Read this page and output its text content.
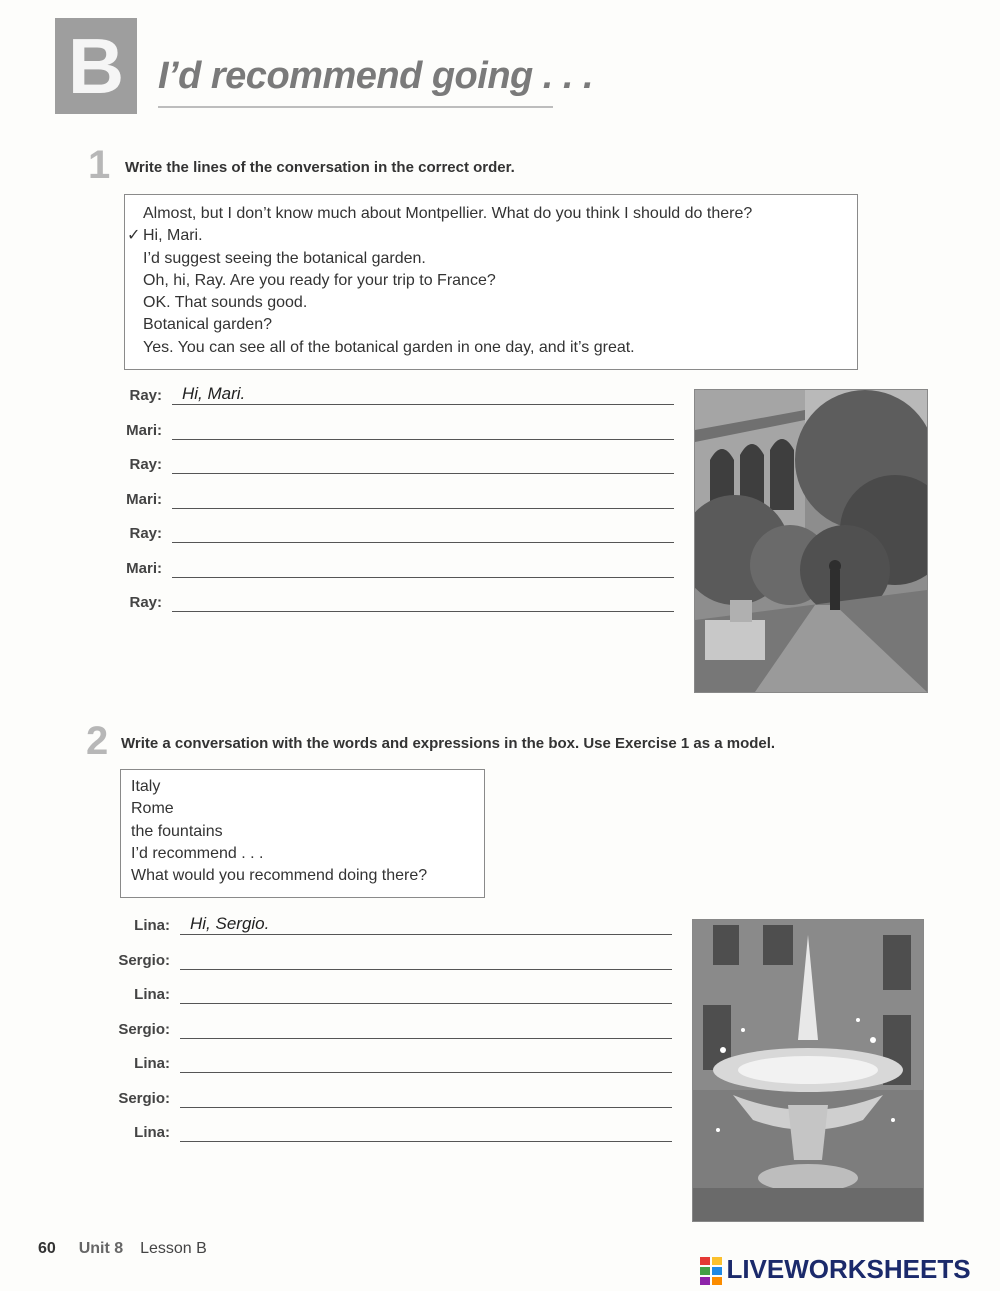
B I’d recommend going . . .
1 Write the lines of the conversation in the correct order.
Almost, but I don’t know much about Montpellier. What do you think I should do there?
✓ Hi, Mari.
I’d suggest seeing the botanical garden.
Oh, hi, Ray. Are you ready for your trip to France?
OK. That sounds good.
Botanical garden?
Yes. You can see all of the botanical garden in one day, and it’s great.
Ray: Hi, Mari.
Mari:
Ray:
Mari:
Ray:
Mari:
Ray:
2 Write a conversation with the words and expressions in the box. Use Exercise 1 as a model.
Italy
Rome
the fountains
I’d recommend . . .
What would you recommend doing there?
Lina: Hi, Sergio.
Sergio:
Lina:
Sergio:
Lina:
Sergio:
Lina:
60 Unit 8 Lesson B
LIVEWORKSHEETS
